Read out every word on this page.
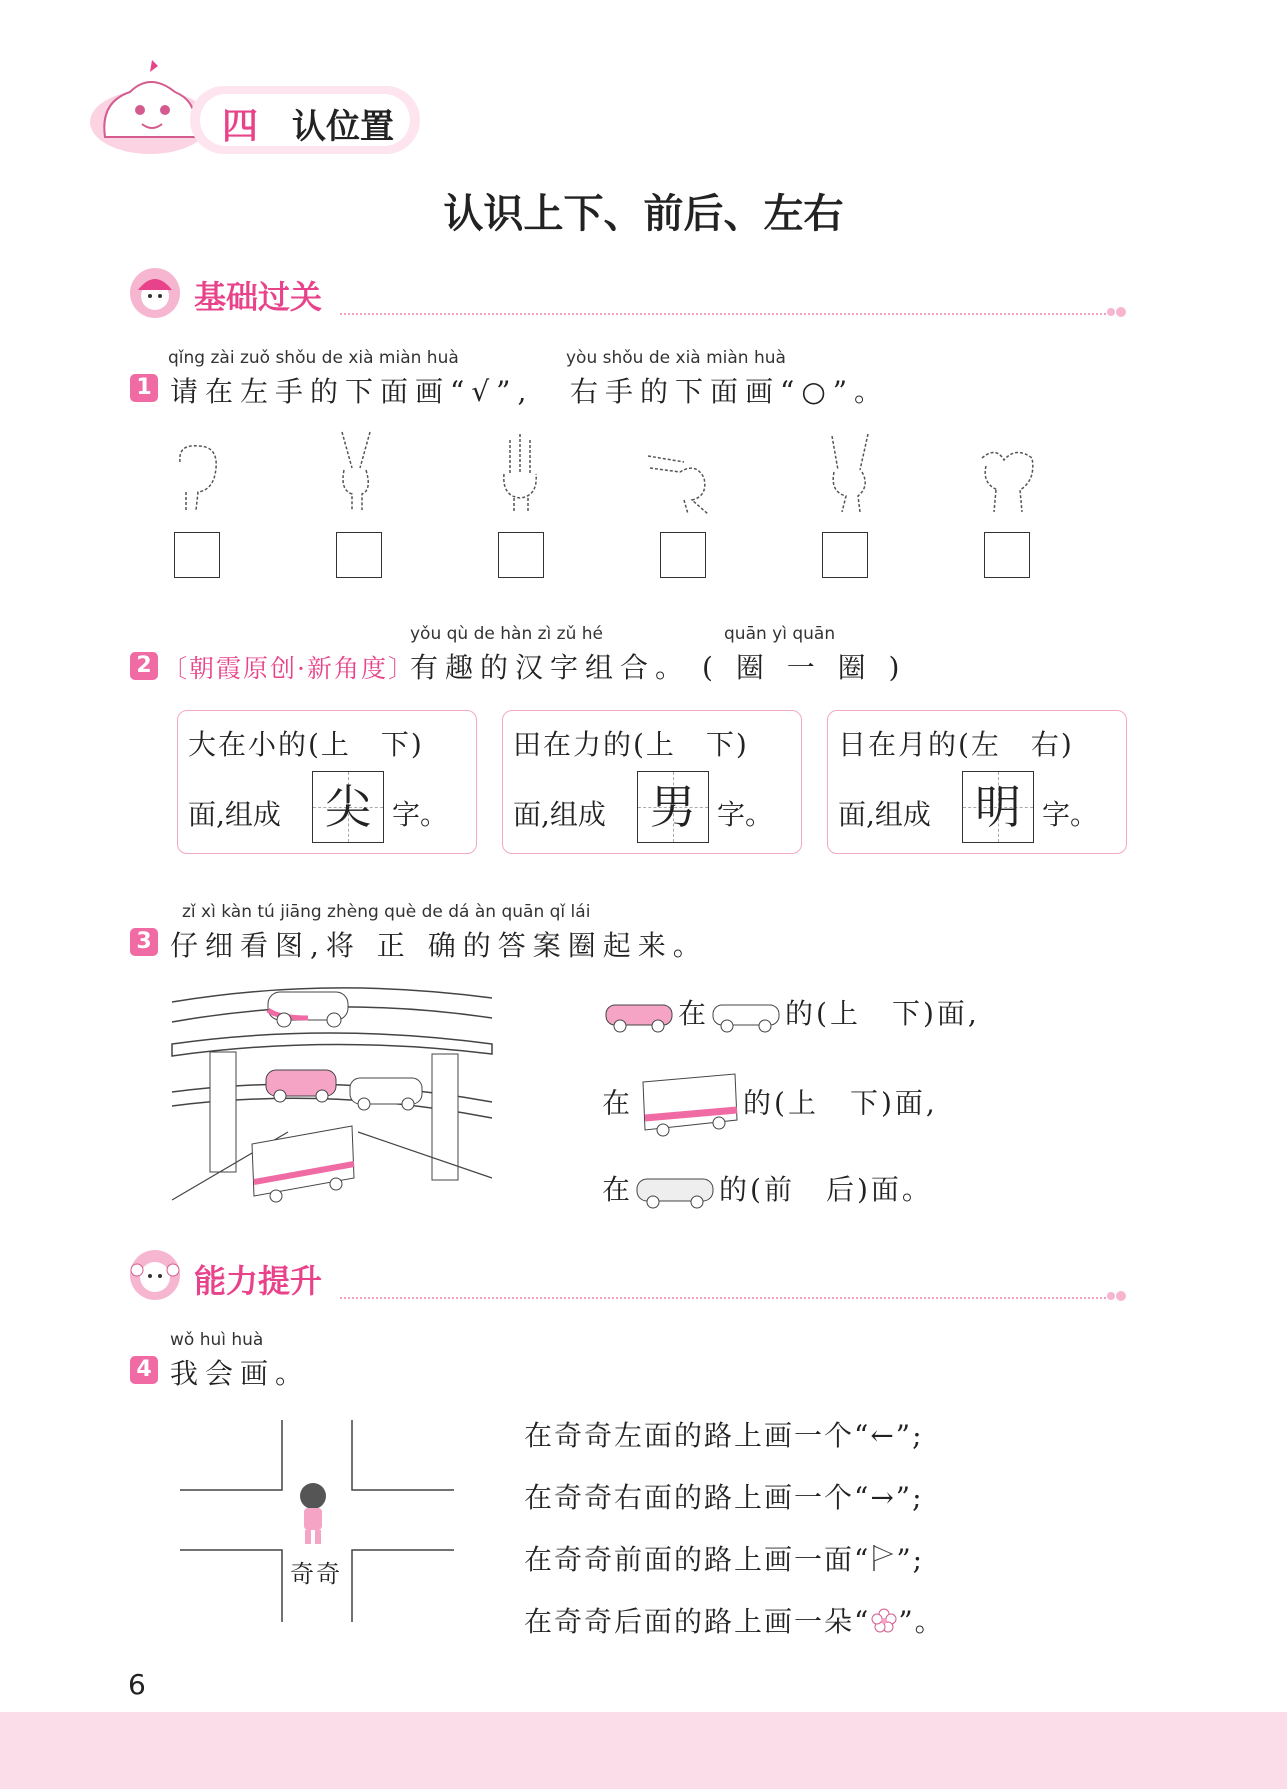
四 认位置
认识上下、前后、左右
基础过关
qǐng zài zuǒ shǒu de xià miàn huà	yòu shǒu de xià miàn huà
1 请在左手的下面画“√”, 右手的下面画“○”。
yǒu qù de hàn zì zǔ hé	quān yì quān
2 〔朝霞原创·新角度〕
有趣的汉字组合。 ( 圈 一 圈 )
大在小的(上　下)
面,组成 尖 字。
田在力的(上　下)
面,组成 男 字。
日在月的(左　右)
面,组成 明 字。
zǐ xì kàn tú jiāng zhèng què de dá àn quān qǐ lái
3 仔细看图,将 正 确的答案圈起来。
在	的(上　下)面,
在	的(上　下)面,
在	的(前　后)面。
能力提升
wǒ huì huà
4 我会画。
奇奇
在奇奇左面的路上画一个“←”;
在奇奇右面的路上画一个“→”;
在奇奇前面的路上画一面“ ”;
在奇奇后面的路上画一朵“ ”。
6
